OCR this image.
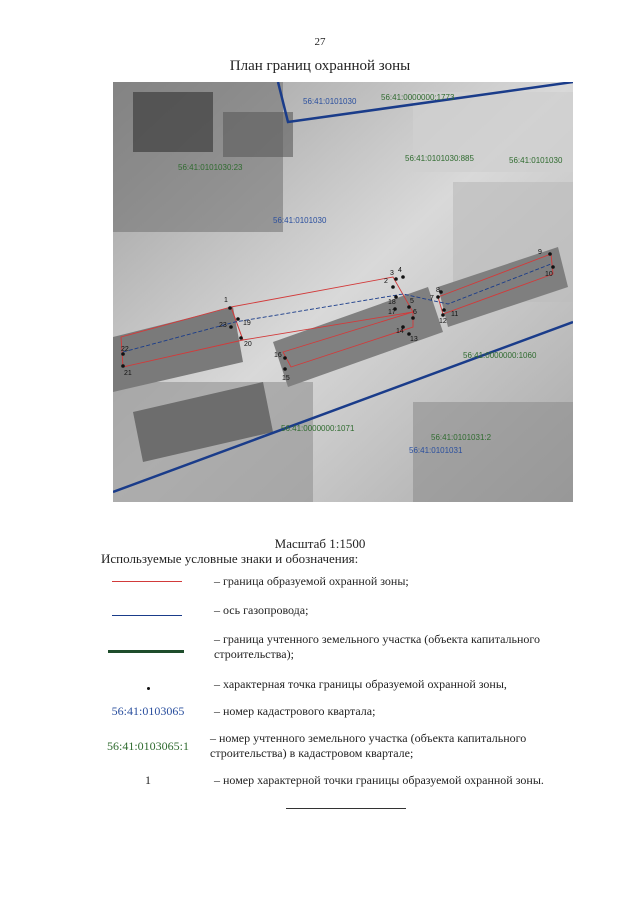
27
План границ охранной зоны
1
2
3 4
5
6
7
8
9
10
11
12
13
14
15
16
17
18
19
20
21
22
23
56:41:0101030	56:41:0000000:1773
56:41:0101030:23
56:41:0101030:885	56:41:0101030
56:41:0101030
56:41:0000000:1060
56:41:0000000:1071
56:41:0101031:2
56:41:0101031
Масштаб 1:1500
Используемые условные знаки и обозначения:
– граница образуемой охранной зоны;
– ось газопровода;
– граница учтенного земельного участка (объекта капитального строительства);
– характерная точка границы образуемой охранной зоны,
56:41:0103065	– номер кадастрового квартала;
56:41:0103065:1
– номер учтенного земельного участка (объекта капитального строительства) в кадастровом квартале;
1	– номер характерной точки границы образуемой охранной зоны.
